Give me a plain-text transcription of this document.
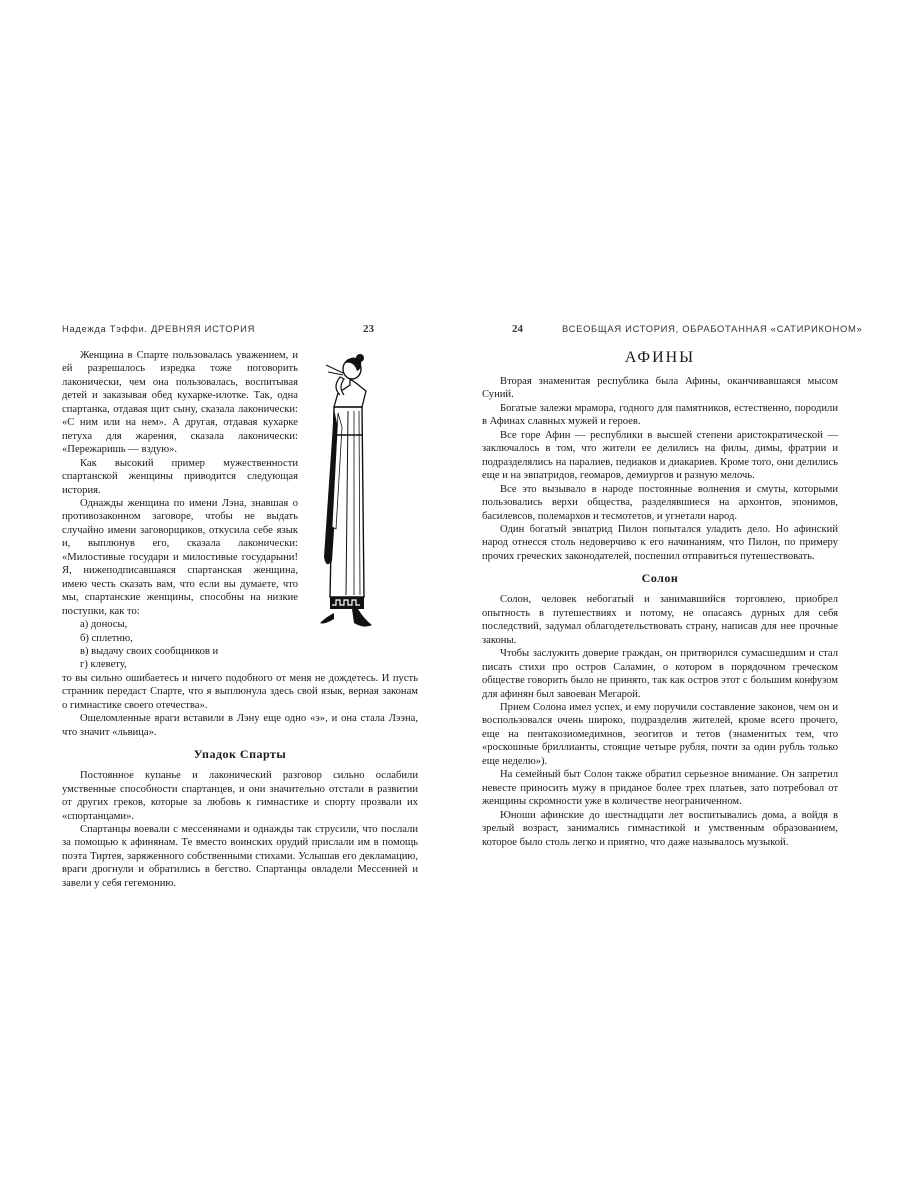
Надежда Тэффи. ДРЕВНЯЯ ИСТОРИЯ	23

Женщина в Спарте пользовалась уважением, и ей разрешалось изредка тоже поговорить лаконически, чем она пользовалась, воспитывая детей и заказывая обед кухарке-илотке. Так, одна спартанка, отдавая щит сыну, сказала лаконически: «С ним или на нем». А другая, отдавая кухарке петуха для жарения, сказала лаконически: «Пережаришь — вздую».

Как высокий пример мужественности спартанской женщины приводится следующая история.

Однажды женщина по имени Лэна, знавшая о противозаконном заговоре, чтобы не выдать случайно имени заговорщиков, откусила себе язык и, выплюнув его, сказала лаконически: «Милостивые государи и милостивые государыни! Я, нижеподписавшаяся спартанская женщина, имею честь сказать вам, что если вы думаете, что мы, спартанские женщины, способны на низкие поступки, как то:

а) доносы,
б) сплетню,
в) выдачу своих сообщников и
г) клевету,

то вы сильно ошибаетесь и ничего подобного от меня не дождетесь. И пусть странник передаст Спарте, что я выплюнула здесь свой язык, верная законам о гимнастике своего отечества».

Ошеломленные враги вставили в Лэну еще одно «э», и она стала Лээна, что значит «львица».

Упадок Спарты

Постоянное купанье и лаконический разговор сильно ослабили умственные способности спартанцев, и они значительно отстали в развитии от других греков, которые за любовь к гимнастике и спорту прозвали их «спортанцами».

Спартанцы воевали с мессенянами и однажды так струсили, что послали за помощью к афинянам. Те вместо воинских орудий прислали им в помощь поэта Тиртея, заряженного собственными стихами. Услышав его декламацию, враги дрогнули и обратились в бегство. Спартанцы овладели Мессенией и завели у себя гегемонию.

24	ВСЕОБЩАЯ ИСТОРИЯ, ОБРАБОТАННАЯ «САТИРИКОНОМ»
АФИНЫ

Вторая знаменитая республика была Афины, оканчивавшаяся мысом Суний.

Богатые залежи мрамора, годного для памятников, естественно, породили в Афинах славных мужей и героев.

Все горе Афин — республики в высшей степени аристократической — заключалось в том, что жители ее делились на филы, димы, фратрии и подразделялись на паралиев, педиаков и диакариев. Кроме того, они делились еще и на эвпатридов, геомаров, демиургов и разную мелочь.

Все это вызывало в народе постоянные волнения и смуты, которыми пользовались верхи общества, разделявшиеся на архонтов, эпонимов, басилевсов, полемархов и тесмотетов, и угнетали народ.

Один богатый эвпатрид Пилон попытался уладить дело. Но афинский народ отнесся столь недоверчиво к его начинаниям, что Пилон, по примеру прочих греческих законодателей, поспешил отправиться путешествовать.

Солон

Солон, человек небогатый и занимавшийся торговлею, приобрел опытность в путешествиях и потому, не опасаясь дурных для себя последствий, задумал облагодетельствовать страну, написав для нее прочные законы.

Чтобы заслужить доверие граждан, он притворился сумасшедшим и стал писать стихи про остров Саламин, о котором в порядочном греческом обществе говорить было не принято, так как остров этот с большим конфузом для афинян был завоеван Мегарой.

Прием Солона имел успех, и ему поручили составление законов, чем он и воспользовался очень широко, подразделив жителей, кроме всего прочего, еще на пентакозиомедимнов, зеогитов и тетов (знаменитых тем, что «роскошные бриллианты, стоящие четыре рубля, почти за один рубль только еще неделю»).

На семейный быт Солон также обратил серьезное внимание. Он запретил невесте приносить мужу в приданое более трех платьев, зато потребовал от женщины скромности уже в количестве неограниченном.

Юноши афинские до шестнадцати лет воспитывались дома, а войдя в зрелый возраст, занимались гимнастикой и умственным образованием, которое было столь легко и приятно, что даже называлось музыкой.
